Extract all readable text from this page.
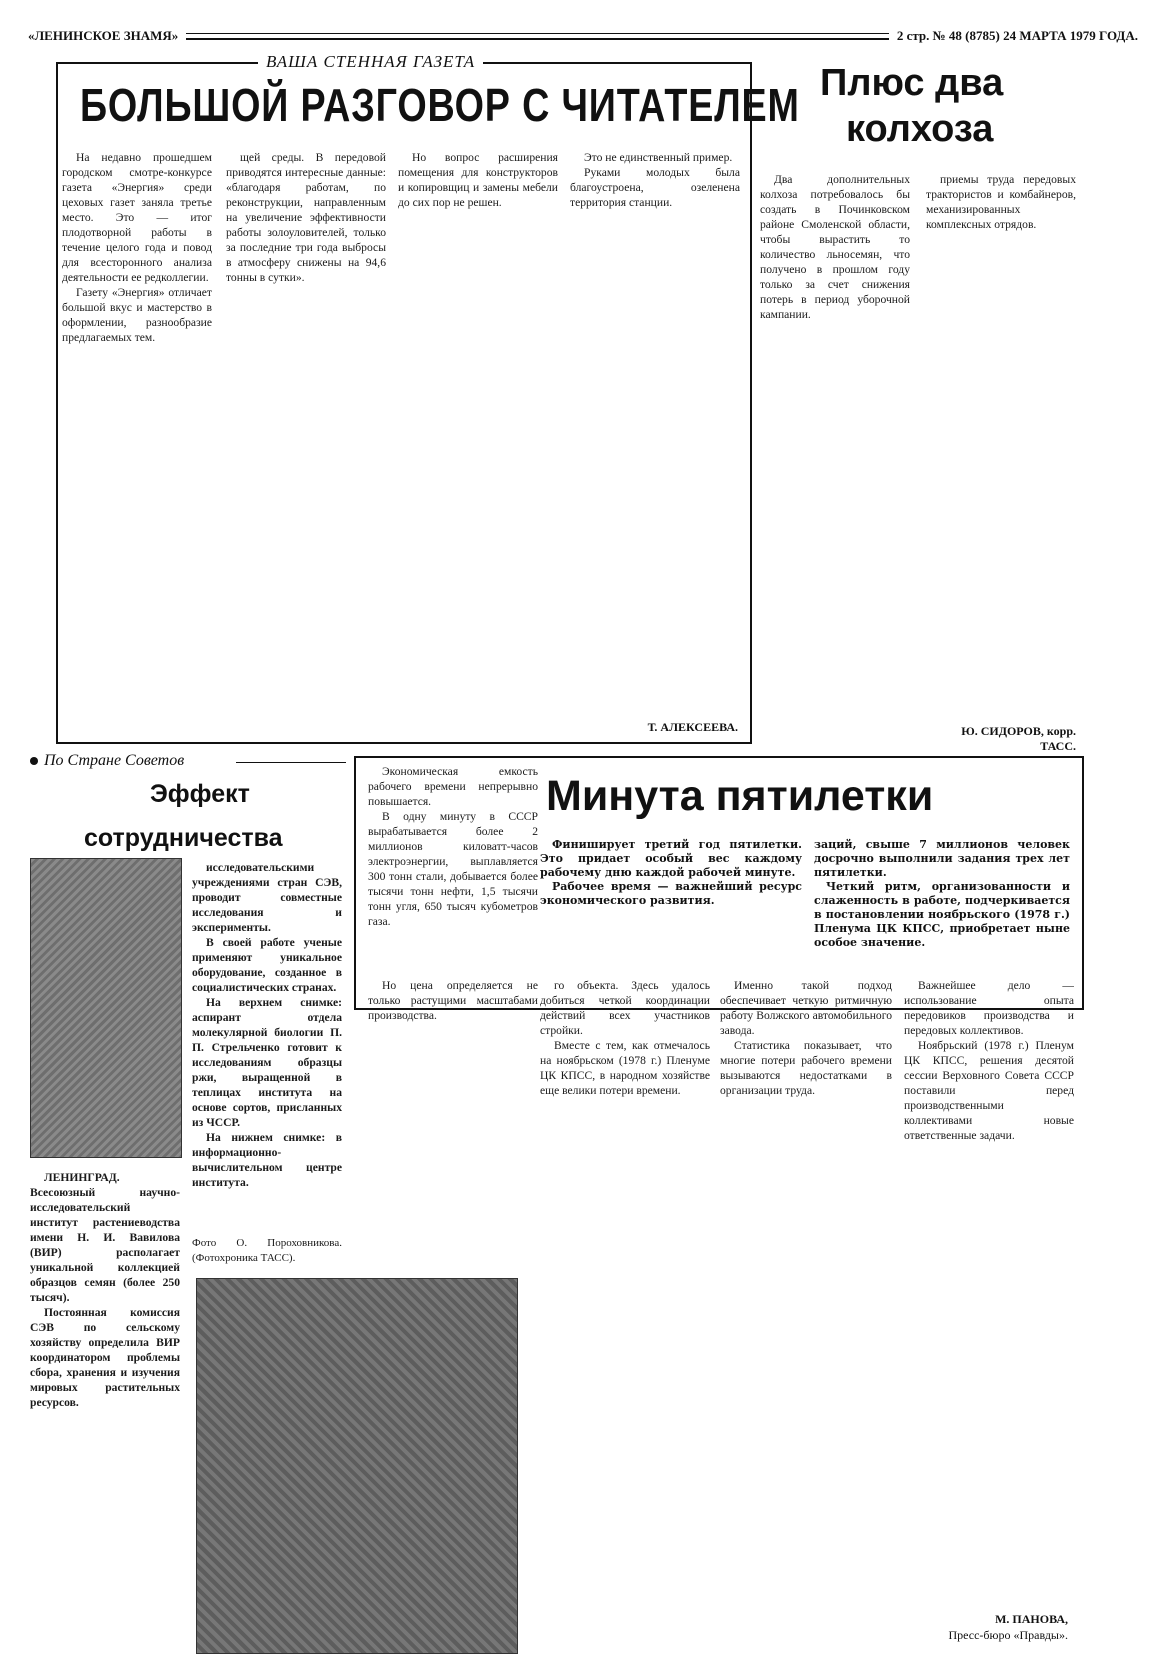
«ЛЕНИНСКОЕ ЗНАМЯ»	2 стр. № 48 (8785) 24 МАРТА 1979 ГОДА.
ВАША СТЕННАЯ ГАЗЕТА
БОЛЬШОЙ РАЗГОВОР С ЧИТАТЕЛЕМ

На недавно прошедшем городском смотре-конкурсе газета «Энергия» среди цеховых газет заняла третье место. Это — итог плодотворной работы в течение целого года и повод для всесторонного анализа деятельности ее редколлегии.

Газету «Энергия» отличает большой вкус и мастерство в оформлении, разнообразие предлагаемых тем.

щей среды. В передовой приводятся интересные данные: «благодаря работам, по реконструкции, направленным на увеличение эффективности работы золоуловителей, только за последние три года выбросы в атмосферу снижены на 94,6 тонны в сутки».

Но вопрос расширения помещения для конструкторов и копировщиц и замены мебели до сих пор не решен.

Это не единственный пример.

Руками молодых была благоустроена, озеленена территория станции.

Т. АЛЕКСЕЕВА.
Плюс два
колхоза

Два дополнительных колхоза потребовалось бы создать в Починковском районе Смоленской области, чтобы вырастить то количество льносемян, что получено в прошлом году только за счет снижения потерь в период уборочной кампании.

приемы труда передовых трактористов и комбайнеров, механизированных комплексных отрядов.

Ю. СИДОРОВ, корр. ТАСС.
По Стране Советов
Эффект
сотрудничества

исследовательскими учреждениями стран СЭВ, проводит совместные исследования и эксперименты.

В своей работе ученые применяют уникальное оборудование, созданное в социалистических странах.

На верхнем снимке: аспирант отдела молекулярной биологии П. П. Стрельченко готовит к исследованиям образцы ржи, выращенной в теплицах института на основе сортов, присланных из ЧССР.

На нижнем снимке: в информационно-вычислительном центре института.

Фото О. Пороховникова. (Фотохроника ТАСС).

ЛЕНИНГРАД. Всесоюзный научно-исследовательский институт растениеводства имени Н. И. Вавилова (ВИР) располагает уникальной коллекцией образцов семян (более 250 тысяч).

Постоянная комиссия СЭВ по сельскому хозяйству определила ВИР координатором проблемы сбора, хранения и изучения мировых растительных ресурсов.

Экономическая емкость рабочего времени непрерывно повышается.

В одну минуту в СССР вырабатывается более 2 миллионов киловатт-часов электроэнергии, выплавляется 300 тонн стали, добывается более тысячи тонн нефти, 1,5 тысячи тонн угля, 650 тысяч кубометров газа.

Минута пятилетки

Финиширует третий год пятилетки. Это придает особый вес каждому рабочему дню каждой рабочей минуте.

Рабочее время — важнейший ресурс экономического развития.

заций, свыше 7 миллионов человек досрочно выполнили задания трех лет пятилетки.

Четкий ритм, организованности и слаженность в работе, подчеркивается в постановлении ноябрьского (1978 г.) Пленума ЦК КПСС, приобретает ныне особое значение.

Но цена определяется не только растущими масштабами производства.

го объекта. Здесь удалось добиться четкой координации действий всех участников стройки.

Вместе с тем, как отмечалось на ноябрьском (1978 г.) Пленуме ЦК КПСС, в народном хозяйстве еще велики потери времени.

Именно такой подход обеспечивает четкую ритмичную работу Волжского автомобильного завода.

Статистика показывает, что многие потери рабочего времени вызываются недостатками в организации труда.

Важнейшее дело — использование опыта передовиков производства и передовых коллективов.

Ноябрьский (1978 г.) Пленум ЦК КПСС, решения десятой сессии Верховного Совета СССР поставили перед производственными коллективами новые ответственные задачи.

М. ПАНОВА,
Пресс-бюро «Правды».
